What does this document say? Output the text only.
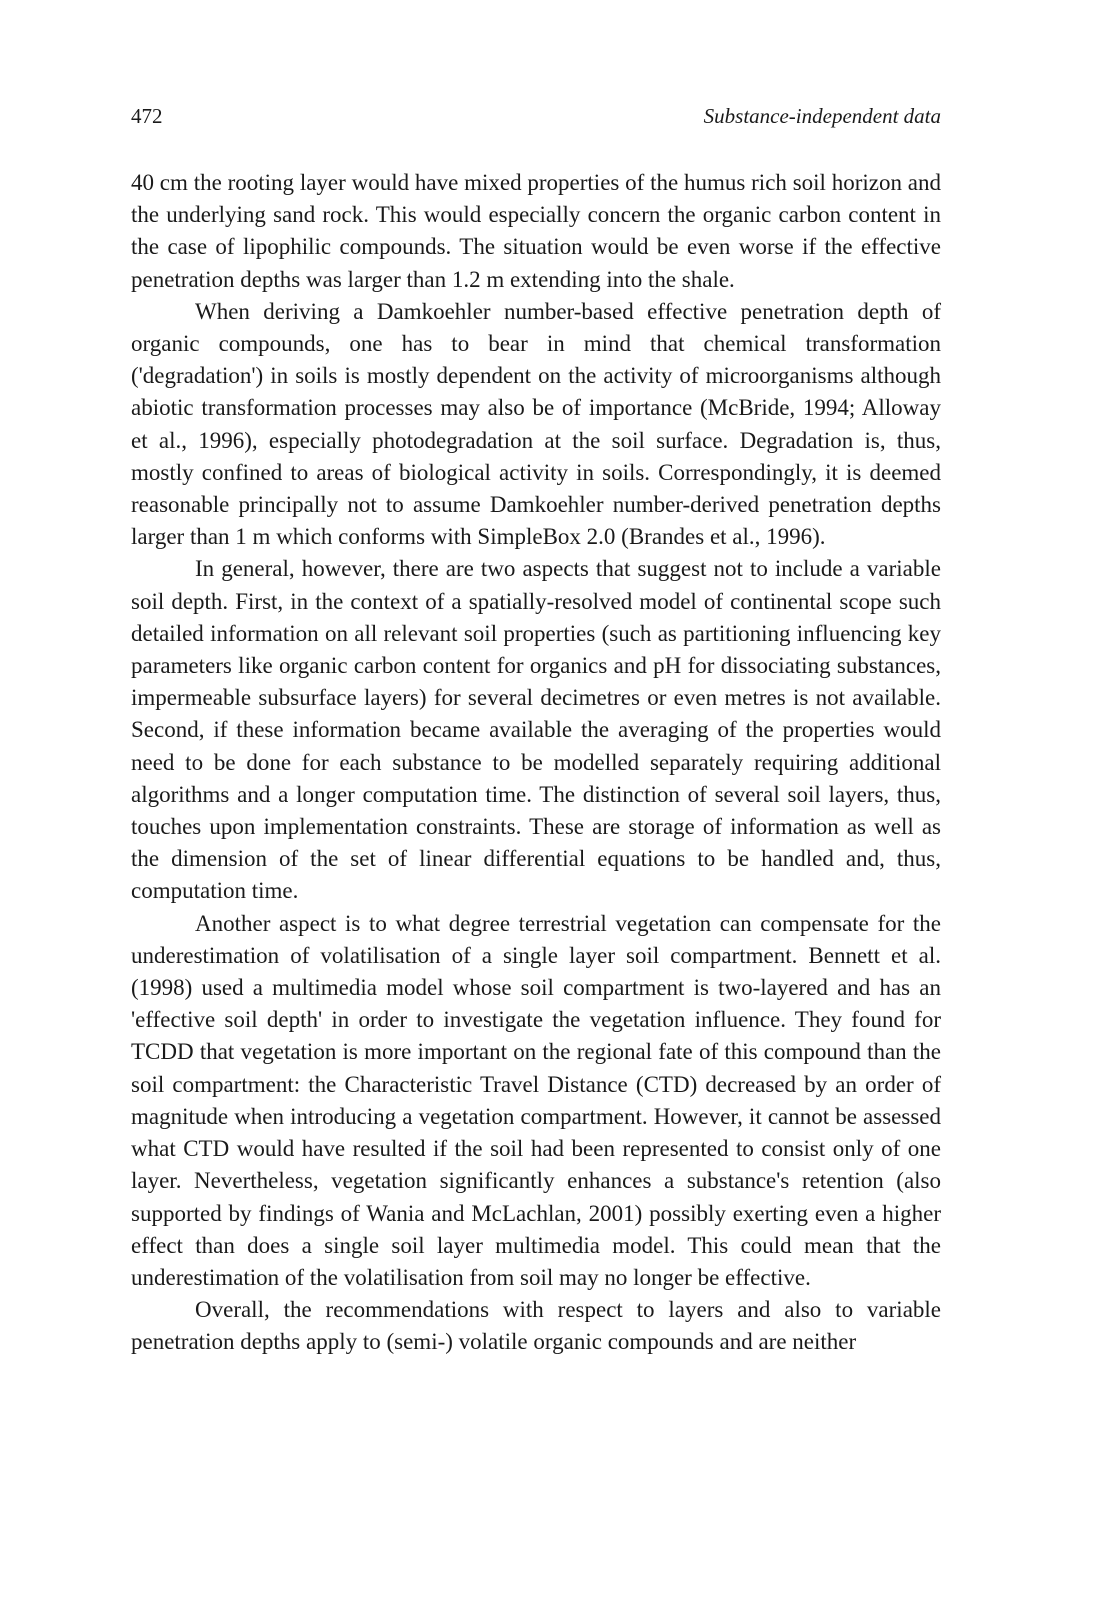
472	Substance-independent data

40 cm the rooting layer would have mixed properties of the humus rich soil horizon and the underlying sand rock. This would especially concern the organic carbon content in the case of lipophilic compounds. The situation would be even worse if the effective penetration depths was larger than 1.2 m extending into the shale.

When deriving a Damkoehler number-based effective penetration depth of organic compounds, one has to bear in mind that chemical transformation ('degradation') in soils is mostly dependent on the activity of microorganisms although abiotic transformation processes may also be of importance (McBride, 1994; Alloway et al., 1996), especially photodegradation at the soil surface. Degradation is, thus, mostly confined to areas of biological activity in soils. Correspondingly, it is deemed reasonable principally not to assume Damkoehler number-derived penetration depths larger than 1 m which conforms with SimpleBox 2.0 (Brandes et al., 1996).

In general, however, there are two aspects that suggest not to include a variable soil depth. First, in the context of a spatially-resolved model of continental scope such detailed information on all relevant soil properties (such as partitioning influencing key parameters like organic carbon content for organics and pH for dissociating substances, impermeable subsurface layers) for several decimetres or even metres is not available. Second, if these information became available the averaging of the properties would need to be done for each substance to be modelled separately requiring additional algorithms and a longer computation time. The distinction of several soil layers, thus, touches upon implementation constraints. These are storage of information as well as the dimension of the set of linear differential equations to be handled and, thus, computation time.

Another aspect is to what degree terrestrial vegetation can compensate for the underestimation of volatilisation of a single layer soil compartment. Bennett et al. (1998) used a multimedia model whose soil compartment is two-layered and has an 'effective soil depth' in order to investigate the vegetation influence. They found for TCDD that vegetation is more important on the regional fate of this compound than the soil compartment: the Characteristic Travel Distance (CTD) decreased by an order of magnitude when introducing a vegetation compartment. However, it cannot be assessed what CTD would have resulted if the soil had been represented to consist only of one layer. Nevertheless, vegetation significantly enhances a substance's retention (also supported by findings of Wania and McLachlan, 2001) possibly exerting even a higher effect than does a single soil layer multimedia model. This could mean that the underestimation of the volatilisation from soil may no longer be effective.

Overall, the recommendations with respect to layers and also to variable penetration depths apply to (semi-) volatile organic compounds and are neither
